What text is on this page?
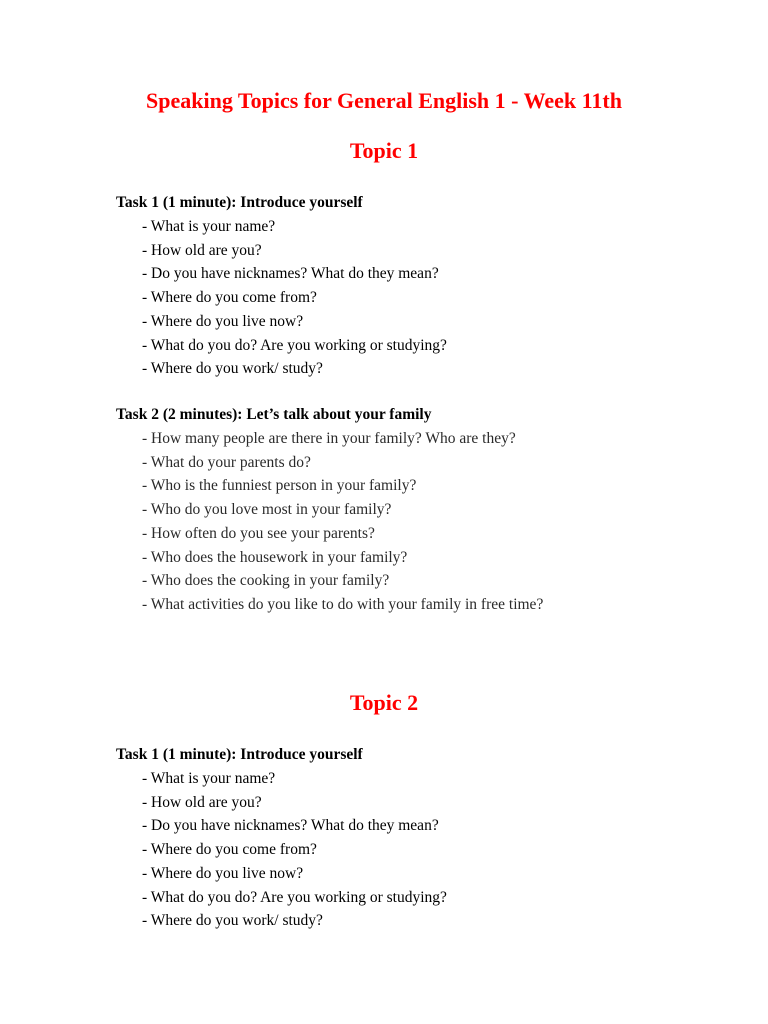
Speaking Topics for General English 1 - Week 11th
Topic 1
Task 1 (1 minute): Introduce yourself
- What is your name?
- How old are you?
- Do you have nicknames? What do they mean?
- Where do you come from?
- Where do you live now?
- What do you do? Are you working or studying?
- Where do you work/ study?
Task 2 (2 minutes): Let’s talk about your family
- How many people are there in your family? Who are they?
- What do your parents do?
- Who is the funniest person in your family?
- Who do you love most in your family?
- How often do you see your parents?
- Who does the housework in your family?
- Who does the cooking in your family?
- What activities do you like to do with your family in free time?
Topic 2
Task 1 (1 minute): Introduce yourself
- What is your name?
- How old are you?
- Do you have nicknames? What do they mean?
- Where do you come from?
- Where do you live now?
- What do you do? Are you working or studying?
- Where do you work/ study?
